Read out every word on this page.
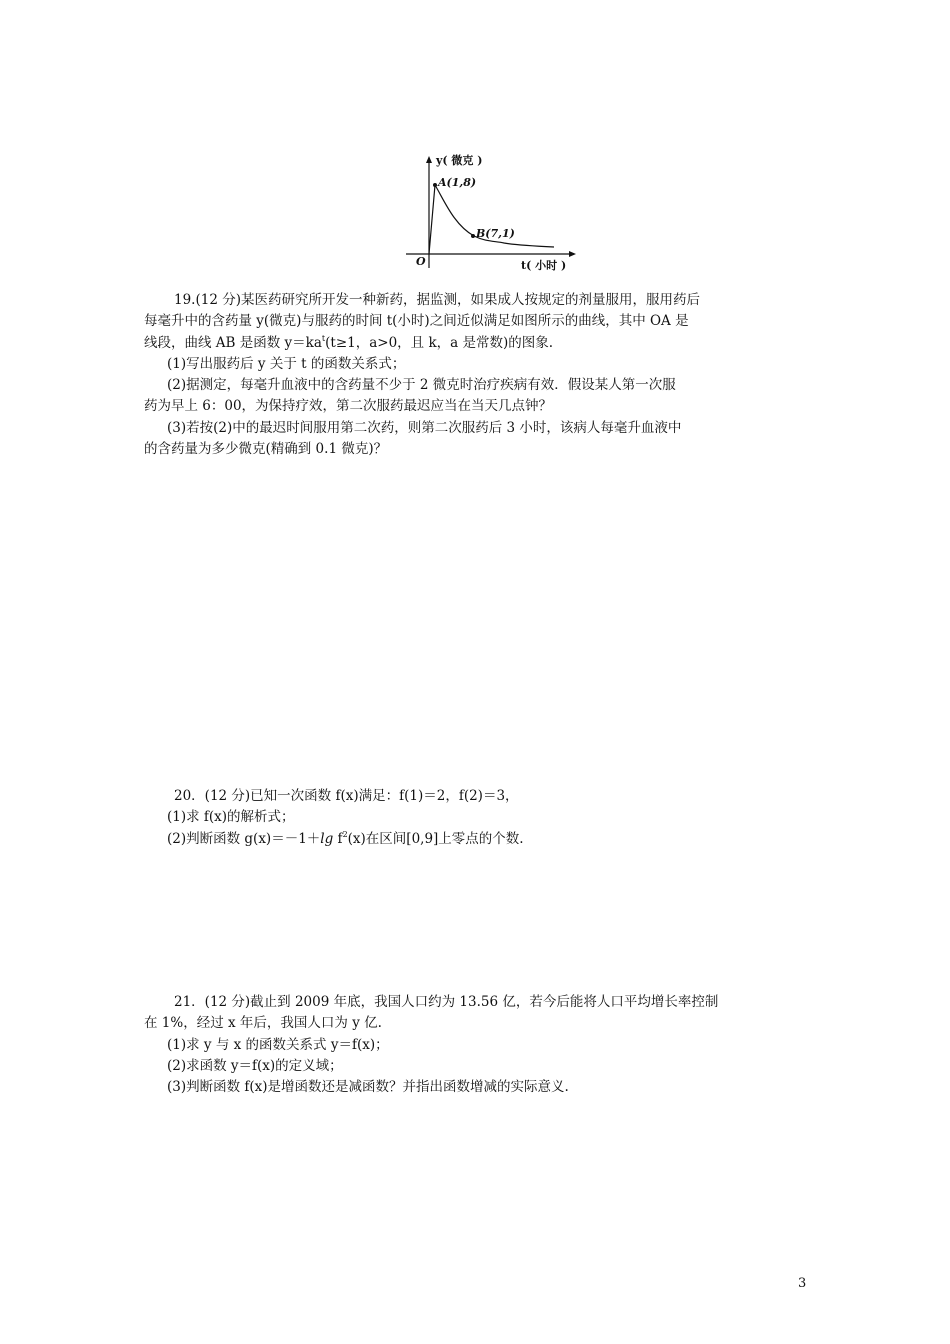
y( 微克 )
A(1,8)
B(7,1)
O	t( 小时 )
19.(12 分)某医药研究所开发一种新药，据监测，如果成人按规定的剂量服用，服用药后
每毫升中的含药量 y(微克)与服药的时间 t(小时)之间近似满足如图所示的曲线，其中 OA 是
线段，曲线 AB 是函数 $y=ka^t(t\ge 1$，a>0，且 k，a 是常数)的图象.
(1)写出服药后 y 关于 t 的函数关系式；
(2)据测定，每毫升血液中的含药量不少于 2 微克时治疗疾病有效．假设某人第一次服
药为早上 6：00，为保持疗效，第二次服药最迟应当在当天几点钟？
(3)若按(2)中的最迟时间服用第二次药，则第二次服药后 3 小时，该病人每毫升血液中
的含药量为多少微克(精确到 0.1 微克)？
20．(12 分)已知一次函数 f(x)满足：f(1)＝2，f(2)＝3，
(1)求 f(x)的解析式；
(2)判断函数 g(x)＝－1＋lg $f^2(x)$在区间[0,9]上零点的个数.
21．(12 分)截止到 2009 年底，我国人口约为 13.56 亿，若今后能将人口平均增长率控制
在 1%，经过 x 年后，我国人口为 y 亿.
(1)求 y 与 x 的函数关系式 y＝f(x)；
(2)求函数 y＝f(x)的定义域；
(3)判断函数 f(x)是增函数还是减函数？并指出函数增减的实际意义.
3
